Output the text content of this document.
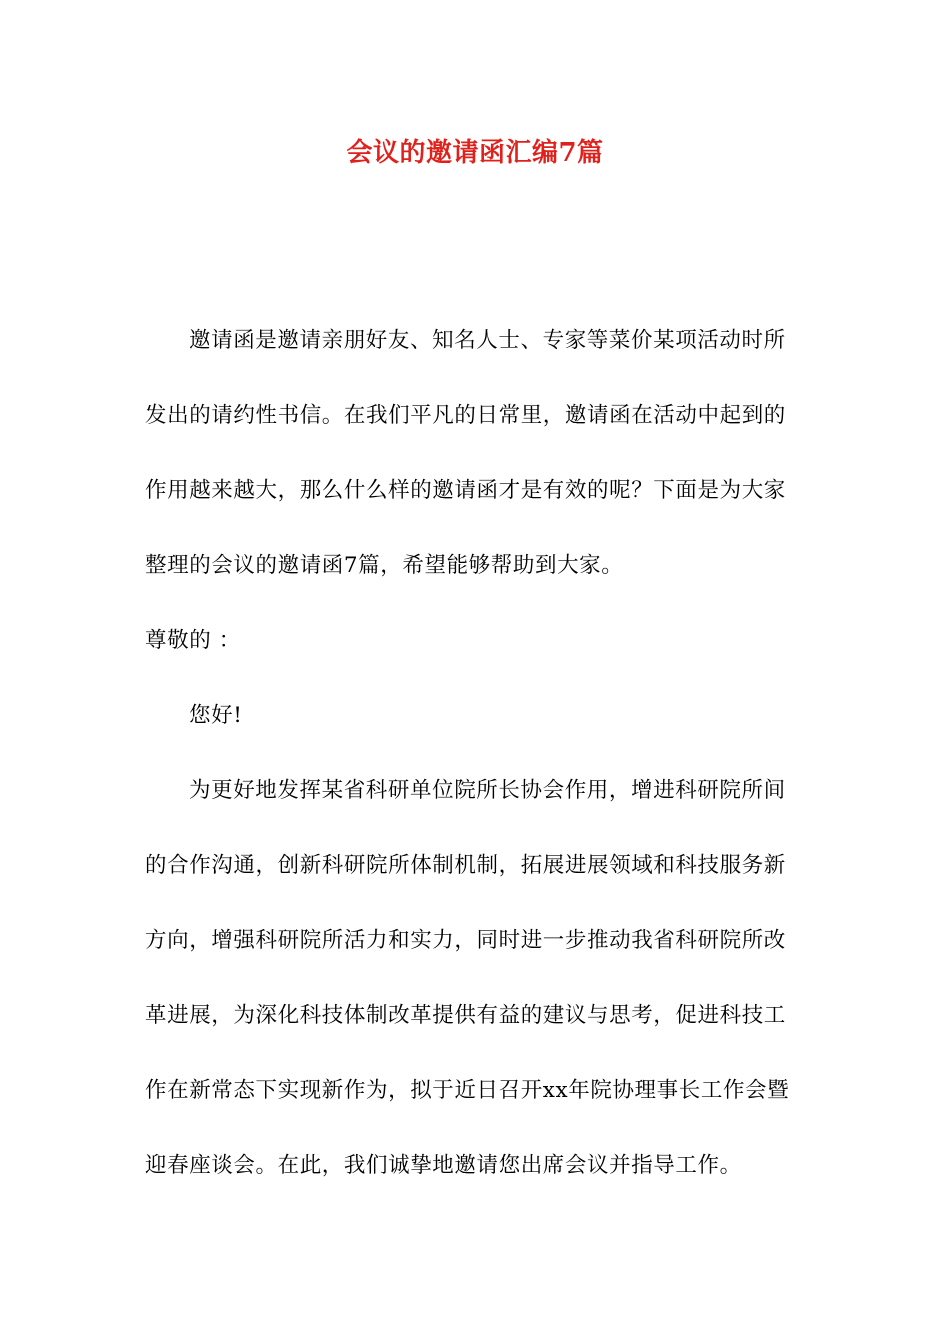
会议的邀请函汇编7篇
邀请函是邀请亲朋好友、知名人士、专家等菜价某项活动时所
发出的请约性书信。在我们平凡的日常里，邀请函在活动中起到的
作用越来越大，那么什么样的邀请函才是有效的呢？下面是为大家
整理的会议的邀请函7篇，希望能够帮助到大家。
尊敬的 ：
您好!
为更好地发挥某省科研单位院所长协会作用，增进科研院所间
的合作沟通，创新科研院所体制机制，拓展进展领域和科技服务新
方向，增强科研院所活力和实力，同时进一步推动我省科研院所改
革进展，为深化科技体制改革提供有益的建议与思考，促进科技工
作在新常态下实现新作为，拟于近日召开xx年院协理事长工作会暨
迎春座谈会。在此，我们诚挚地邀请您出席会议并指导工作。
